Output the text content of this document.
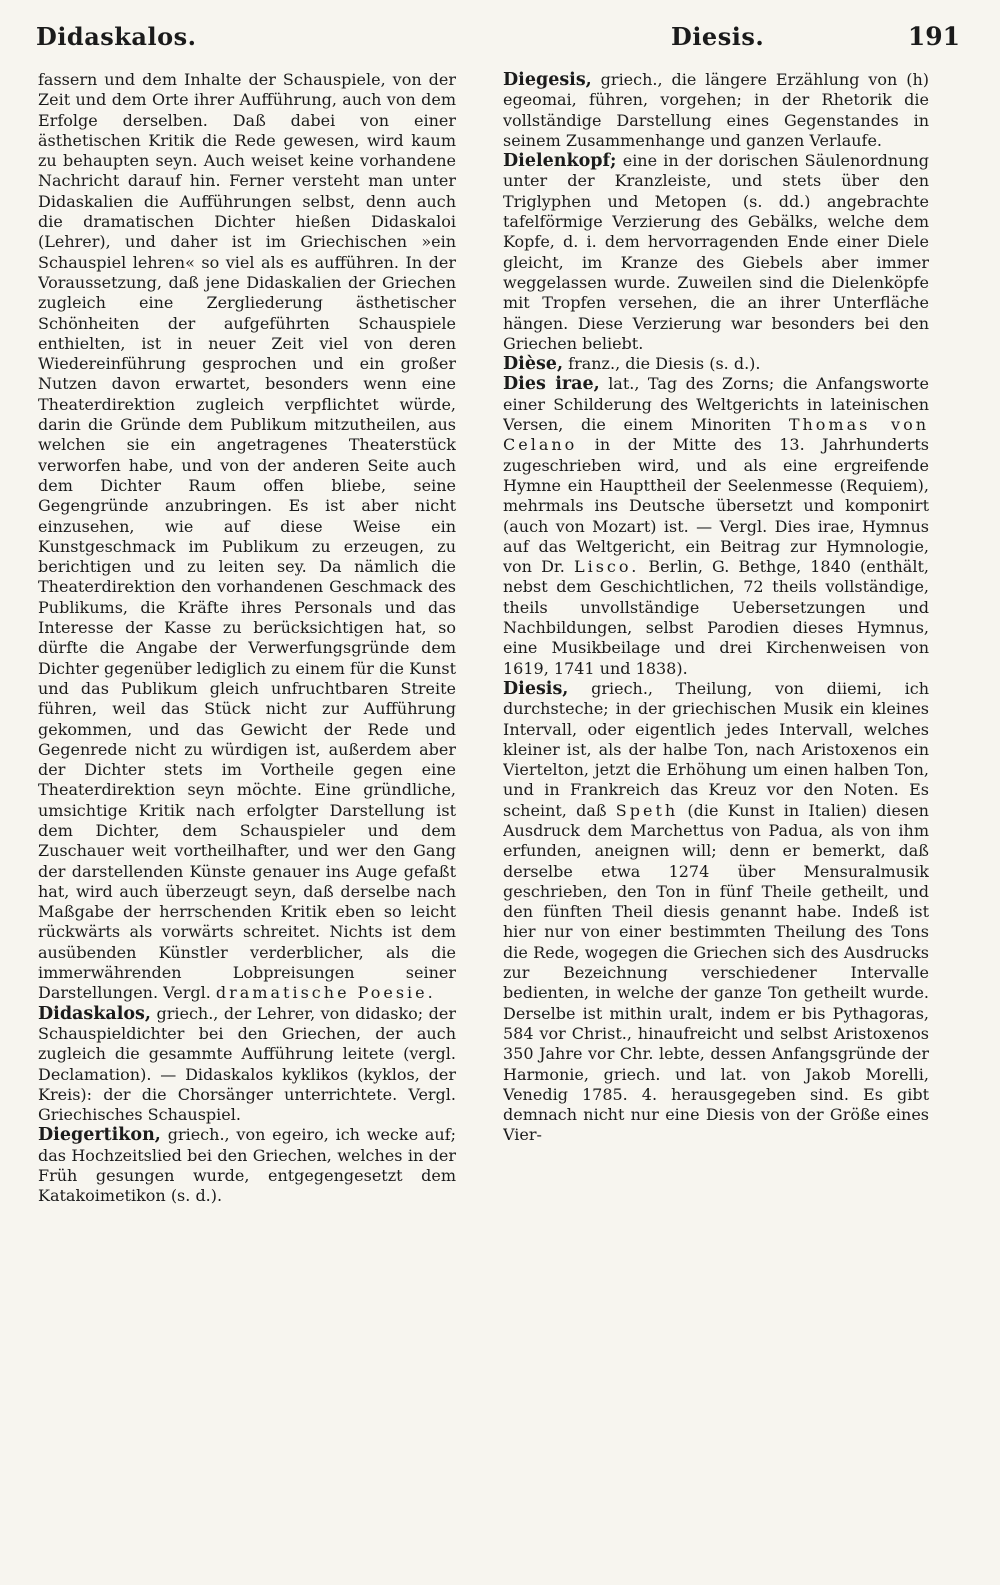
Didaskalos.	Diesis.	191

fassern und dem Inhalte der Schauspiele, von der Zeit und dem Orte ihrer Aufführung, auch von dem Erfolge derselben. Daß dabei von einer ästhetischen Kritik die Rede gewesen, wird kaum zu behaupten seyn. Auch weiset keine vorhandene Nachricht darauf hin. Ferner versteht man unter Didaskalien die Aufführungen selbst, denn auch die dramatischen Dichter hießen Didaskaloi (Lehrer), und daher ist im Griechischen »ein Schauspiel lehren« so viel als es aufführen. In der Voraussetzung, daß jene Didaskalien der Griechen zugleich eine Zergliederung ästhetischer Schönheiten der aufgeführten Schauspiele enthielten, ist in neuer Zeit viel von deren Wiedereinführung gesprochen und ein großer Nutzen davon erwartet, besonders wenn eine Theaterdirektion zugleich verpflichtet würde, darin die Gründe dem Publikum mitzutheilen, aus welchen sie ein angetragenes Theaterstück verworfen habe, und von der anderen Seite auch dem Dichter Raum offen bliebe, seine Gegengründe anzubringen. Es ist aber nicht einzusehen, wie auf diese Weise ein Kunstgeschmack im Publikum zu erzeugen, zu berichtigen und zu leiten sey. Da nämlich die Theaterdirektion den vorhandenen Geschmack des Publikums, die Kräfte ihres Personals und das Interesse der Kasse zu berücksichtigen hat, so dürfte die Angabe der Verwerfungsgründe dem Dichter gegenüber lediglich zu einem für die Kunst und das Publikum gleich unfruchtbaren Streite führen, weil das Stück nicht zur Aufführung gekommen, und das Gewicht der Rede und Gegenrede nicht zu würdigen ist, außerdem aber der Dichter stets im Vortheile gegen eine Theaterdirektion seyn möchte. Eine gründliche, umsichtige Kritik nach erfolgter Darstellung ist dem Dichter, dem Schauspieler und dem Zuschauer weit vortheilhafter, und wer den Gang der darstellenden Künste genauer ins Auge gefaßt hat, wird auch überzeugt seyn, daß derselbe nach Maßgabe der herrschenden Kritik eben so leicht rückwärts als vorwärts schreitet. Nichts ist dem ausübenden Künstler verderblicher, als die immerwährenden Lobpreisungen seiner Darstellungen. Vergl. dramatische Poesie.

Didaskalos, griech., der Lehrer, von didasko; der Schauspieldichter bei den Griechen, der auch zugleich die gesammte Aufführung leitete (vergl. Declamation). — Didaskalos kyklikos (kyklos, der Kreis): der die Chorsänger unterrichtete. Vergl. Griechisches Schauspiel.

Diegertikon, griech., von egeiro, ich wecke auf; das Hochzeitslied bei den Griechen, welches in der Früh gesungen wurde, entgegengesetzt dem Katakoimetikon (s. d.).

Diegesis, griech., die längere Erzählung von (h) egeomai, führen, vorgehen; in der Rhetorik die vollständige Darstellung eines Gegenstandes in seinem Zusammenhange und ganzen Verlaufe.

Dielenkopf; eine in der dorischen Säulenordnung unter der Kranzleiste, und stets über den Triglyphen und Metopen (s. dd.) angebrachte tafelförmige Verzierung des Gebälks, welche dem Kopfe, d. i. dem hervorragenden Ende einer Diele gleicht, im Kranze des Giebels aber immer weggelassen wurde. Zuweilen sind die Dielenköpfe mit Tropfen versehen, die an ihrer Unterfläche hängen. Diese Verzierung war besonders bei den Griechen beliebt.

Dièse, franz., die Diesis (s. d.).

Dies irae, lat., Tag des Zorns; die Anfangsworte einer Schilderung des Weltgerichts in lateinischen Versen, die einem Minoriten Thomas von Celano in der Mitte des 13. Jahrhunderts zugeschrieben wird, und als eine ergreifende Hymne ein Haupttheil der Seelenmesse (Requiem), mehrmals ins Deutsche übersetzt und komponirt (auch von Mozart) ist. — Vergl. Dies irae, Hymnus auf das Weltgericht, ein Beitrag zur Hymnologie, von Dr. Lisco. Berlin, G. Bethge, 1840 (enthält, nebst dem Geschichtlichen, 72 theils vollständige, theils unvollständige Uebersetzungen und Nachbildungen, selbst Parodien dieses Hymnus, eine Musikbeilage und drei Kirchenweisen von 1619, 1741 und 1838).

Diesis, griech., Theilung, von diiemi, ich durchsteche; in der griechischen Musik ein kleines Intervall, oder eigentlich jedes Intervall, welches kleiner ist, als der halbe Ton, nach Aristoxenos ein Viertelton, jetzt die Erhöhung um einen halben Ton, und in Frankreich das Kreuz vor den Noten. Es scheint, daß Speth (die Kunst in Italien) diesen Ausdruck dem Marchettus von Padua, als von ihm erfunden, aneignen will; denn er bemerkt, daß derselbe etwa 1274 über Mensuralmusik geschrieben, den Ton in fünf Theile getheilt, und den fünften Theil diesis genannt habe. Indeß ist hier nur von einer bestimmten Theilung des Tons die Rede, wogegen die Griechen sich des Ausdrucks zur Bezeichnung verschiedener Intervalle bedienten, in welche der ganze Ton getheilt wurde. Derselbe ist mithin uralt, indem er bis Pythagoras, 584 vor Christ., hinaufreicht und selbst Aristoxenos 350 Jahre vor Chr. lebte, dessen Anfangsgründe der Harmonie, griech. und lat. von Jakob Morelli, Venedig 1785. 4. herausgegeben sind. Es gibt demnach nicht nur eine Diesis von der Größe eines Vier-
